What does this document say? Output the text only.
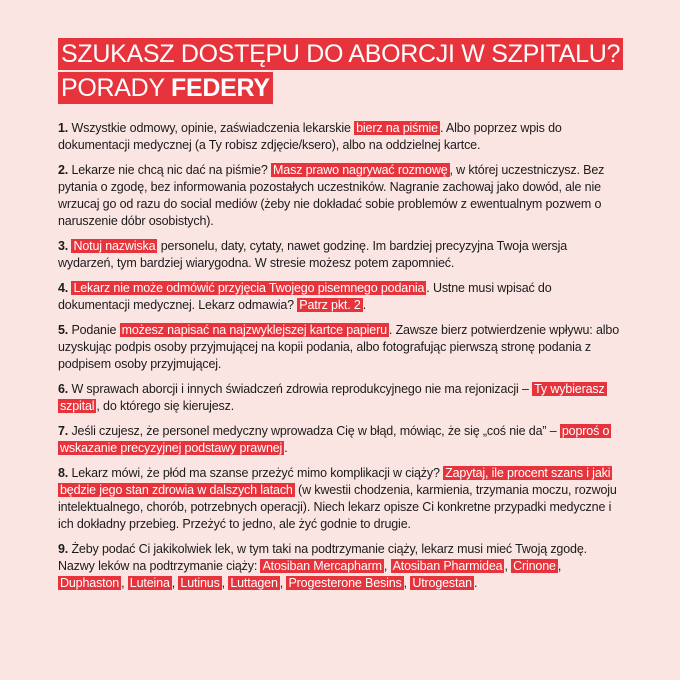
SZUKASZ DOSTĘPU DO ABORCJI W SZPITALU?
PORADY FEDERY

1. Wszystkie odmowy, opinie, zaświadczenia lekarskie bierz na piśmie . Albo poprzez wpis do dokumentacji medycznej (a Ty robisz zdjęcie/ksero), albo na oddzielnej kartce.

2. Lekarze nie chcą nic dać na piśmie? Masz prawo nagrywać rozmowę , w której uczestniczysz. Bez pytania o zgodę, bez informowania pozostałych uczestników. Nagranie zachowaj jako dowód, ale nie wrzucaj go od razu do social mediów (żeby nie dokładać sobie problemów z ewentualnym pozwem o naruszenie dóbr osobistych).

3. Notuj nazwiska personelu, daty, cytaty, nawet godzinę. Im bardziej precyzyjna Twoja wersja wydarzeń, tym bardziej wiarygodna. W stresie możesz potem zapomnieć.

4. Lekarz nie może odmówić przyjęcia Twojego pisemnego podania . Ustne musi wpisać do dokumentacji medycznej. Lekarz odmawia? Patrz pkt. 2 .

5. Podanie możesz napisać na najzwyklejszej kartce papieru . Zawsze bierz potwierdzenie wpływu: albo uzyskując podpis osoby przyjmującej na kopii podania, albo fotografując pierwszą stronę podania z podpisem osoby przyjmującej.

6. W sprawach aborcji i innych świadczeń zdrowia reprodukcyjnego nie ma rejonizacji – Ty wybierasz szpital , do którego się kierujesz.

7. Jeśli czujesz, że personel medyczny wprowadza Cię w błąd, mówiąc, że się „coś nie da” – poproś o wskazanie precyzyjnej podstawy prawnej .

8. Lekarz mówi, że płód ma szanse przeżyć mimo komplikacji w ciąży? Zapytaj, ile procent szans i jaki będzie jego stan zdrowia w dalszych latach (w kwestii chodzenia, karmienia, trzymania moczu, rozwoju intelektualnego, chorób, potrzebnych operacji). Niech lekarz opisze Ci konkretne przypadki medyczne i ich dokładny przebieg. Przeżyć to jedno, ale żyć godnie to drugie.

9. Żeby podać Ci jakikolwiek lek, w tym taki na podtrzymanie ciąży, lekarz musi mieć Twoją zgodę. Nazwy leków na podtrzymanie ciąży: Atosiban Mercapharm , Atosiban Pharmidea , Crinone , Duphaston , Luteina , Lutinus , Luttagen , Progesterone Besins , Utrogestan .
